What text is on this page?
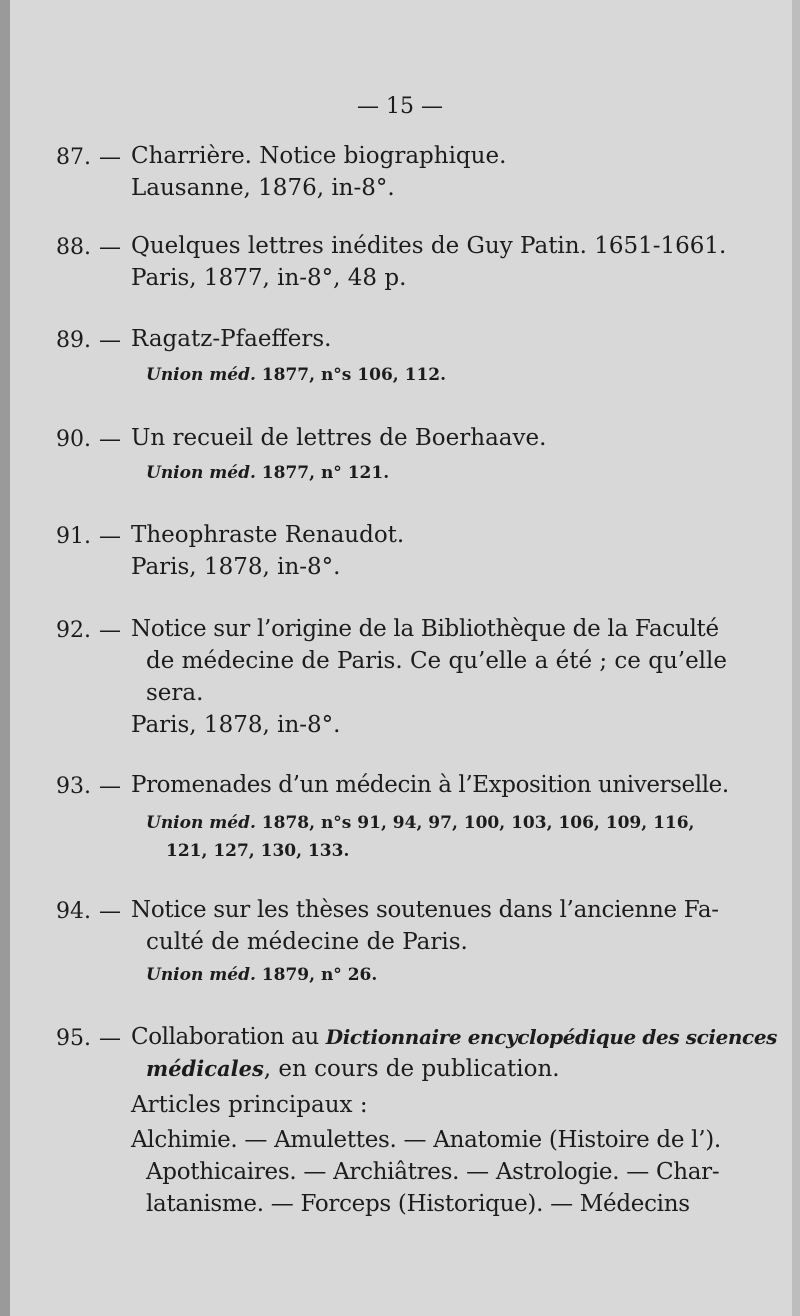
— 15 —
87. — Charrière. Notice biographique.
Lausanne, 1876, in-8°.
88. — Quelques lettres inédites de Guy Patin. 1651-1661.
Paris, 1877, in-8°, 48 p.
89. — Ragatz-Pfaeffers.
Union méd. 1877, n°s 106, 112.
90. — Un recueil de lettres de Boerhaave.
Union méd. 1877, n° 121.
91. — Theophraste Renaudot.
Paris, 1878, in-8°.
92. — Notice sur l’origine de la Bibliothèque de la Faculté
de médecine de Paris. Ce qu’elle a été ; ce qu’elle
sera.
Paris, 1878, in-8°.
93. — Promenades d’un médecin à l’Exposition universelle.
Union méd. 1878, n°s 91, 94, 97, 100, 103, 106, 109, 116,
121, 127, 130, 133.
94. — Notice sur les thèses soutenues dans l’ancienne Fa-
culté de médecine de Paris.
Union méd. 1879, n° 26.
95. — Collaboration au Dictionnaire encyclopédique des sciences
médicales, en cours de publication.
Articles principaux :
Alchimie. — Amulettes. — Anatomie (Histoire de l’).
Apothicaires. — Archiâtres. — Astrologie. — Char-
latanisme. — Forceps (Historique). — Médecins
